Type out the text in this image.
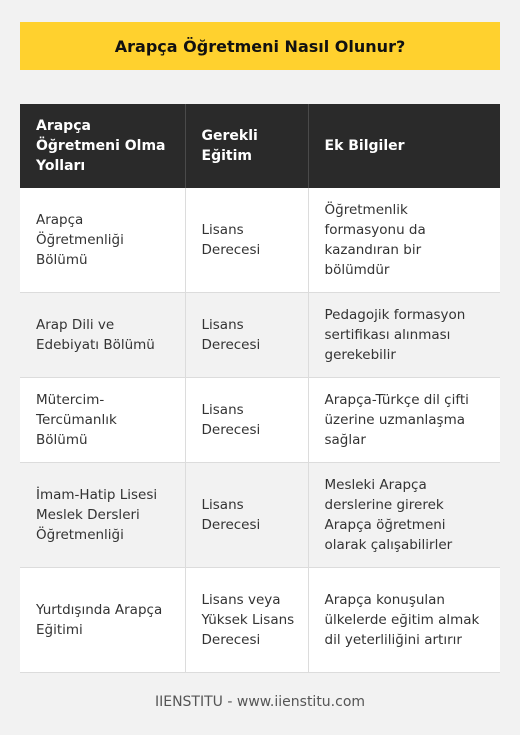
Arapça Öğretmeni Nasıl Olunur?
Arapça Öğretmeni Olma Yolları	Gerekli Eğitim	Ek Bilgiler
Arapça Öğretmenliği Bölümü	Lisans Derecesi	Öğretmenlik formasyonu da kazandıran bir bölümdür
Arap Dili ve Edebiyatı Bölümü	Lisans Derecesi	Pedagojik formasyon sertifikası alınması gerekebilir
Mütercim-Tercümanlık Bölümü	Lisans Derecesi	Arapça-Türkçe dil çifti üzerine uzmanlaşma sağlar
İmam-Hatip Lisesi Meslek Dersleri Öğretmenliği	Lisans Derecesi	Mesleki Arapça derslerine girerek Arapça öğretmeni olarak çalışabilirler
Yurtdışında Arapça Eğitimi	Lisans veya Yüksek Lisans Derecesi	Arapça konuşulan ülkelerde eğitim almak dil yeterliliğini artırır
IIENSTITU - www.iienstitu.com
